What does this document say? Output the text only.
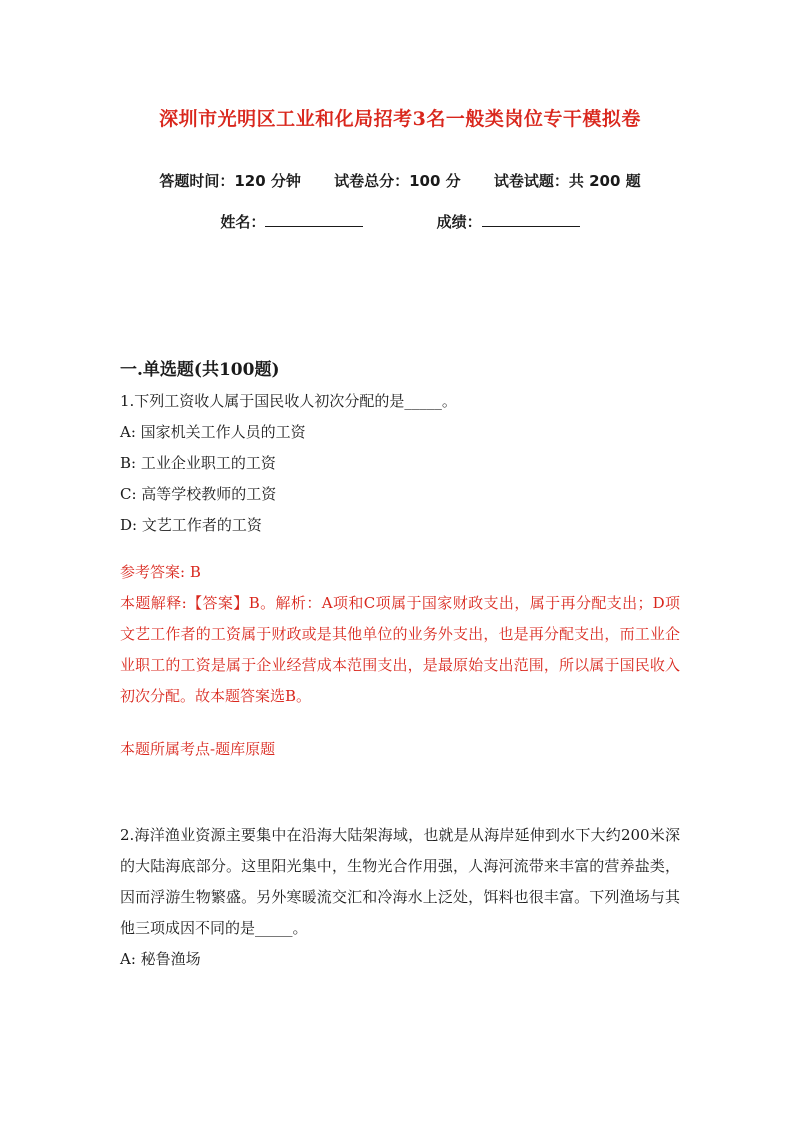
深圳市光明区工业和化局招考3名一般类岗位专干模拟卷
答题时间：120 分钟 试卷总分：100 分 试卷试题：共 200 题
姓名：	成绩：
一.单选题(共100题)
1.下列工资收人属于国民收人初次分配的是_____。
A: 国家机关工作人员的工资
B: 工业企业职工的工资
C: 高等学校教师的工资
D: 文艺工作者的工资
参考答案: B
本题解释:【答案】B。解析：A项和C项属于国家财政支出，属于再分配支出；D项文艺工作者的工资属于财政或是其他单位的业务外支出，也是再分配支出，而工业企业职工的工资是属于企业经营成本范围支出，是最原始支出范围，所以属于国民收入初次分配。故本题答案选B。
本题所属考点-题库原题
2.海洋渔业资源主要集中在沿海大陆架海域，也就是从海岸延伸到水下大约200米深的大陆海底部分。这里阳光集中，生物光合作用强，人海河流带来丰富的营养盐类，因而浮游生物繁盛。另外寒暖流交汇和冷海水上泛处，饵料也很丰富。下列渔场与其他三项成因不同的是_____。
A: 秘鲁渔场
